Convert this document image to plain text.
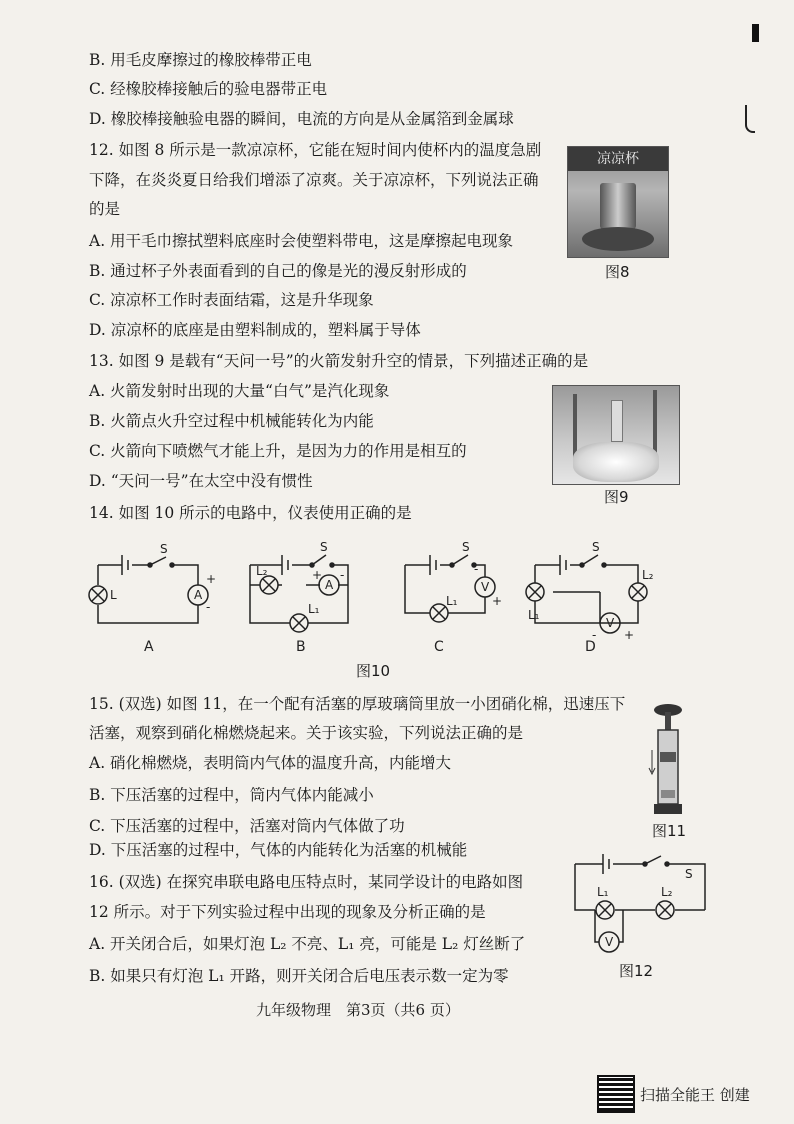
B. 用毛皮摩擦过的橡胶棒带正电
C. 经橡胶棒接触后的验电器带正电
D. 橡胶棒接触验电器的瞬间，电流的方向是从金属箔到金属球
12. 如图 8 所示是一款凉凉杯，它能在短时间内使杯内的温度急剧
下降，在炎炎夏日给我们增添了凉爽。关于凉凉杯，下列说法正确
的是
A. 用干毛巾擦拭塑料底座时会使塑料带电，这是摩擦起电现象
B. 通过杯子外表面看到的自己的像是光的漫反射形成的
C. 凉凉杯工作时表面结霜，这是升华现象
D. 凉凉杯的底座是由塑料制成的，塑料属于导体
凉凉杯
图8
13. 如图 9 是载有“天问一号”的火箭发射升空的情景，下列描述正确的是
A. 火箭发射时出现的大量“白气”是汽化现象
B. 火箭点火升空过程中机械能转化为内能
C. 火箭向下喷燃气才能上升，是因为力的作用是相互的
D. “天问一号”在太空中没有惯性
图9
14. 如图 10 所示的电路中，仪表使用正确的是
S
L	A
+
-
S
L₂
A
+ -
L₁
S
L₁
V
-
+
S
L₁
L₂
V
- +
A	B	C	D
图10
15. (双选) 如图 11，在一个配有活塞的厚玻璃筒里放一小团硝化棉，迅速压下
活塞，观察到硝化棉燃烧起来。关于该实验，下列说法正确的是
A. 硝化棉燃烧，表明筒内气体的温度升高，内能增大
B. 下压活塞的过程中，筒内气体内能减小
C. 下压活塞的过程中，活塞对筒内气体做了功
D. 下压活塞的过程中，气体的内能转化为活塞的机械能
图11
16. (双选) 在探究串联电路电压特点时，某同学设计的电路如图
12 所示。对于下列实验过程中出现的现象及分析正确的是
A. 开关闭合后，如果灯泡 L₂ 不亮、L₁ 亮，可能是 L₂ 灯丝断了
B. 如果只有灯泡 L₁ 开路，则开关闭合后电压表示数一定为零
S
L₁	L₂
V
图12
九年级物理　第3页（共6 页）
扫描全能王 创建
